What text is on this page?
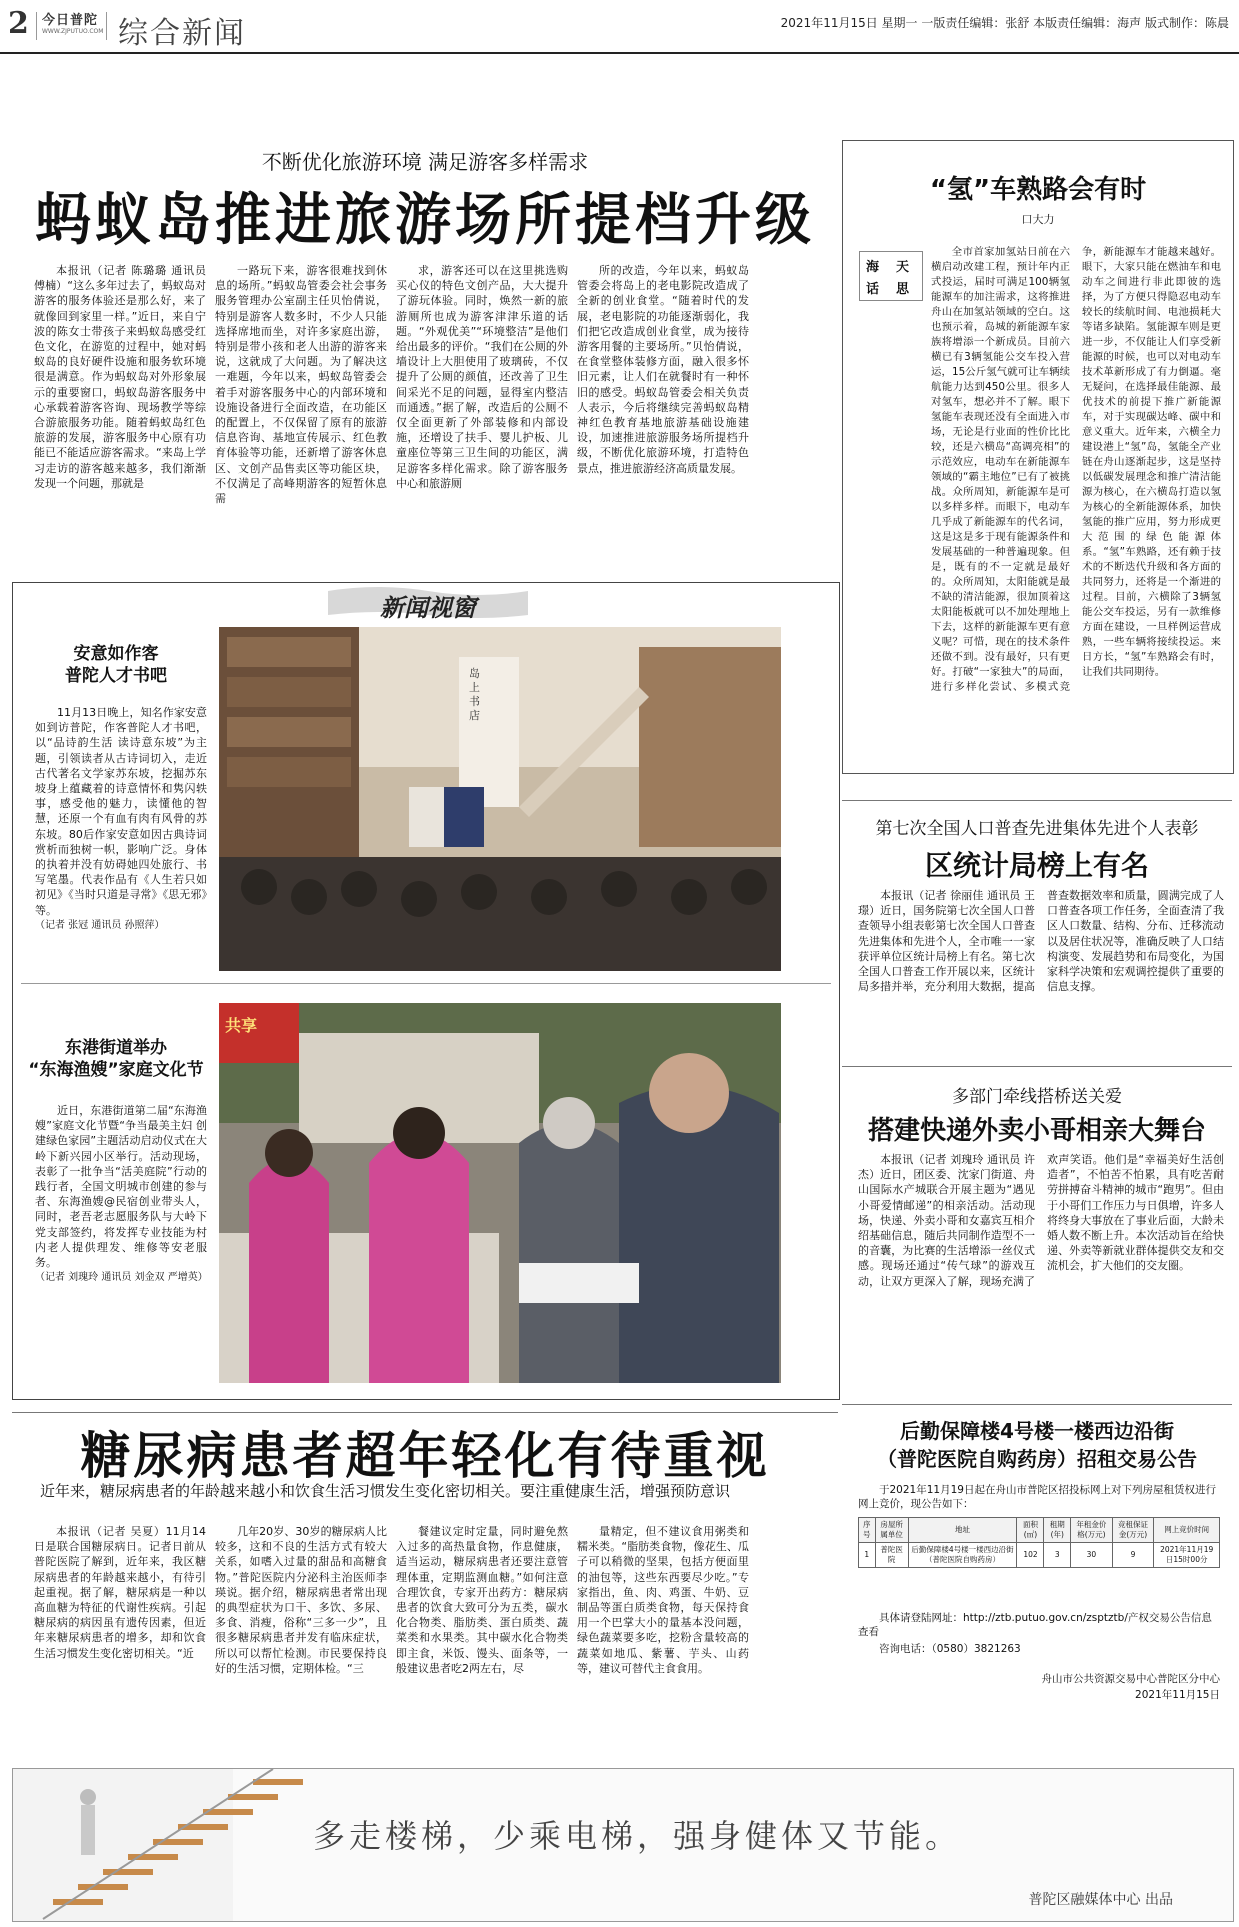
2 今日普陀
WWW.ZJPUTUO.COM 综合新闻	2021年11月15日 星期一 一版责任编辑：张舒 本版责任编辑：海声 版式制作：陈晨
不断优化旅游环境 满足游客多样需求
蚂蚁岛推进旅游场所提档升级

本报讯（记者 陈璐璐 通讯员 傅楠）“这么多年过去了，蚂蚁岛对游客的服务体验还是那么好，来了就像回到家里一样。”近日，来自宁波的陈女士带孩子来蚂蚁岛感受红色文化，在游览的过程中，她对蚂蚁岛的良好硬件设施和服务软环境很是满意。作为蚂蚁岛对外形象展示的重要窗口，蚂蚁岛游客服务中心承载着游客咨询、现场教学等综合游旅服务功能。随着蚂蚁岛红色旅游的发展，游客服务中心原有功能已不能适应游客需求。“来岛上学习走访的游客越来越多，我们渐渐发现一个问题，那就是

一路玩下来，游客很难找到休息的场所。”蚂蚁岛管委会社会事务服务管理办公室副主任贝怡倩说，特别是游客人数多时，不少人只能选择席地而坐，对许多家庭出游，特别是带小孩和老人出游的游客来说，这就成了大问题。为了解决这一难题，今年以来，蚂蚁岛管委会着手对游客服务中心的内部环境和设施设备进行全面改造，在功能区的配置上，不仅保留了原有的旅游信息咨询、基地宣传展示、红色教育体验等功能，还新增了游客休息区、文创产品售卖区等功能区块，不仅满足了高峰期游客的短暂休息需

求，游客还可以在这里挑选购买心仪的特色文创产品，大大提升了游玩体验。同时，焕然一新的旅游厕所也成为游客津津乐道的话题。“外观优美”“环境整洁”是他们给出最多的评价。“我们在公厕的外墙设计上大胆使用了玻璃砖，不仅提升了公厕的颜值，还改善了卫生间采光不足的问题，显得室内整洁而通透。”据了解，改造后的公厕不仅全面更新了外部装修和内部设施，还增设了扶手、婴儿护板、儿童座位等第三卫生间的功能区，满足游客多样化需求。除了游客服务中心和旅游厕

所的改造，今年以来，蚂蚁岛管委会将岛上的老电影院改造成了全新的创业食堂。“随着时代的发展，老电影院的功能逐渐弱化，我们把它改造成创业食堂，成为接待游客用餐的主要场所。”贝怡倩说，在食堂整体装修方面，融入很多怀旧元素，让人们在就餐时有一种怀旧的感受。蚂蚁岛管委会相关负责人表示，今后将继续完善蚂蚁岛精神红色教育基地旅游基础设施建设，加速推进旅游服务场所提档升级，不断优化旅游环境，打造特色景点，推进旅游经济高质量发展。

“氢”车熟路会有时
口大力
海 天
话 思

全市首家加氢站日前在六横启动改建工程，预计年内正式投运，届时可满足100辆氢能源车的加注需求，这将推进舟山在加氢站领域的空白。这也预示着，岛城的新能源车家族将增添一个新成员。目前六横已有3辆氢能公交车投入营运，15公斤氢气就可让车辆续航能力达到450公里。很多人对氢车，想必并不了解。眼下氢能车表现还没有全面进入市场，无论是行业面的性价比比较，还是六横岛“高调亮相”的示范效应，电动车在新能源车领域的“霸主地位”已有了被挑战。众所周知，新能源车是可以多样多样。而眼下，电动车几乎成了新能源车的代名词，这是这是多于现有能源条件和发展基础的一种普遍现象。但是，既有的不一定就是最好的。众所周知，太阳能就是最不缺的清洁能源，很加顶着这太阳能板就可以不加处理地上下去，这样的新能源车更有意义呢？可惜，现在的技术条件还做不到。没有最好，只有更好。打破“一家独大”的局面，进行多样化尝试、多模式竞争，新能源车才能越来越好。眼下，大家只能在燃油车和电动车之间进行非此即彼的选择，为了方便只得隐忍电动车较长的续航时间、电池损耗大等诸多缺陷。氢能源车则是更进一步，不仅能让人们享受新能源的时候，也可以对电动车技术革新形成了有力倒逼。毫无疑问，在选择最佳能源、最优技术的前提下推广新能源车，对于实现碳达峰、碳中和意义重大。近年来，六横全力建设港上“氢”岛，氢能全产业链在舟山逐渐起步，这是坚持以低碳发展理念和推广清洁能源为核心，在六横岛打造以氢为核心的全新能源体系，加快氢能的推广应用，努力形成更大范围的绿色能源体系。“氢”车熟路，还有赖于技术的不断迭代升级和各方面的共同努力，还将是一个渐进的过程。目前，六横除了3辆氢能公交车投运，另有一款维修方面在建设，一旦样例运营成熟，一些车辆将接续投运。来日方长，“氢”车熟路会有时，让我们共同期待。

新闻视窗
安意如作客
普陀人才书吧

11月13日晚上，知名作家安意如到访普陀，作客普陀人才书吧，以“品诗韵生活 读诗意东坡”为主题，引领读者从古诗词切入，走近古代著名文学家苏东坡，挖掘苏东坡身上蕴藏着的诗意情怀和隽闪轶事，感受他的魅力，读懂他的智慧，还原一个有血有肉有风骨的苏东坡。80后作家安意如因古典诗词赏析而独树一帜，影响广泛。身体的执着并没有妨碍她四处旅行、书写笔墨。代表作品有《人生若只如初见》《当时只道是寻常》《思无邪》等。

（记者 张冠 通讯员 孙照萍）
岛上书店
东港街道举办
“东海渔嫂”家庭文化节

近日，东港街道第二届“东海渔嫂”家庭文化节暨“争当最美主妇 创建绿色家园”主题活动启动仪式在大岭下新兴园小区举行。活动现场，表彰了一批争当“活美庭院”行动的践行者，全国文明城市创建的参与者、东海渔嫂@民宿创业带头人，同时，老吾老志愿服务队与大岭下党支部签约，将发挥专业技能为村内老人提供理发、维修等安老服务。

（记者 刘瑰玲 通讯员 刘金双 严增英）
共享
第七次全国人口普查先进集体先进个人表彰
区统计局榜上有名

本报讯（记者 徐丽佳 通讯员 王璟）近日，国务院第七次全国人口普查领导小组表彰第七次全国人口普查先进集体和先进个人，全市唯一一家获评单位区统计局榜上有名。第七次全国人口普查工作开展以来，区统计局多措并举，充分利用大数据，提高普查数据效率和质量，圆满完成了人口普查各项工作任务，全面查清了我区人口数量、结构、分布、迁移流动以及居住状况等，准确反映了人口结构演变、发展趋势和布局变化，为国家科学决策和宏观调控提供了重要的信息支撑。

多部门牵线搭桥送关爱
搭建快递外卖小哥相亲大舞台

本报讯（记者 刘瑰玲 通讯员 许杰）近日，团区委、沈家门街道、舟山国际水产城联合开展主题为“遇见小哥爱情邮递”的相亲活动。活动现场，快递、外卖小哥和女嘉宾互相介绍基础信息，随后共同制作造型不一的音囊，为比赛的生活增添一丝仪式感。现场还通过“传气球”的游戏互动，让双方更深入了解，现场充满了欢声笑语。他们是“幸福美好生活创造者”，不怕苦不怕累，具有吃苦耐劳拼搏奋斗精神的城市“跑男”。但由于小哥们工作压力与日俱增，许多人将终身大事放在了事业后面，大龄未婚人数不断上升。本次活动旨在给快递、外卖等新就业群体提供交友和交流机会，扩大他们的交友圈。

糖尿病患者超年轻化有待重视
近年来，糖尿病患者的年龄越来越小和饮食生活习惯发生变化密切相关。要注重健康生活，增强预防意识

本报讯（记者 吴夏）11月14日是联合国糖尿病日。记者日前从普陀医院了解到，近年来，我区糖尿病患者的年龄越来越小，有待引起重视。据了解，糖尿病是一种以高血糖为特征的代谢性疾病。引起糖尿病的病因虽有遗传因素，但近年来糖尿病患者的增多，却和饮食生活习惯发生变化密切相关。“近

几年20岁、30岁的糖尿病人比较多，这和不良的生活方式有较大关系，如嗜入过量的甜品和高糖食物。”普陀医院内分泌科主治医师李瑛说。据介绍，糖尿病患者常出现的典型症状为口干、多饮、多尿、多食、消瘦，俗称“三多一少”，且很多糖尿病患者并发有临床症状，所以可以帮忙检测。市民要保持良好的生活习惯，定期体检。“三

餐建议定时定量，同时避免熬入过多的高热量食物，作息健康，适当运动，糖尿病患者还要注意管理体重，定期监测血糖。”如何注意合理饮食，专家开出药方：糖尿病患者的饮食大致可分为五类，碳水化合物类、脂肪类、蛋白质类、蔬菜类和水果类。其中碳水化合物类即主食，米饭、馒头、面条等，一般建议患者吃2两左右，尽

量精定，但不建议食用粥类和糯米类。“脂肪类食物，像花生、瓜子可以稍微的坚果，包括方便面里的油包等，这些东西要尽少吃。”专家指出，鱼、肉、鸡蛋、牛奶、豆制品等蛋白质类食物，每天保持食用一个巴掌大小的量基本没问题，绿色蔬菜要多吃，挖粉含量较高的蔬菜如地瓜、紫薯、芋头、山药等，建议可替代主食食用。

后勤保障楼4号楼一楼西边沿街
（普陀医院自购药房）招租交易公告
于2021年11月19日起在舟山市普陀区招投标网上对下列房屋租赁权进行网上竞价，现公告如下：
序号	房屋所属单位	地址	面积(㎡)	租期(年)	年租金价格(万元)	竞租保证金(万元)	网上竞价时间
1	普陀医院	后勤保障楼4号楼一楼西边沿街（普陀医院自购药房）	102	3	30	9	2021年11月19日15时00分
具体请登陆网址：http://ztb.putuo.gov.cn/zsptztb/产权交易公告信息查看
咨询电话：（0580）3821263
舟山市公共资源交易中心普陀区分中心
2021年11月15日
多走楼梯，少乘电梯，强身健体又节能。
普陀区融媒体中心 出品
